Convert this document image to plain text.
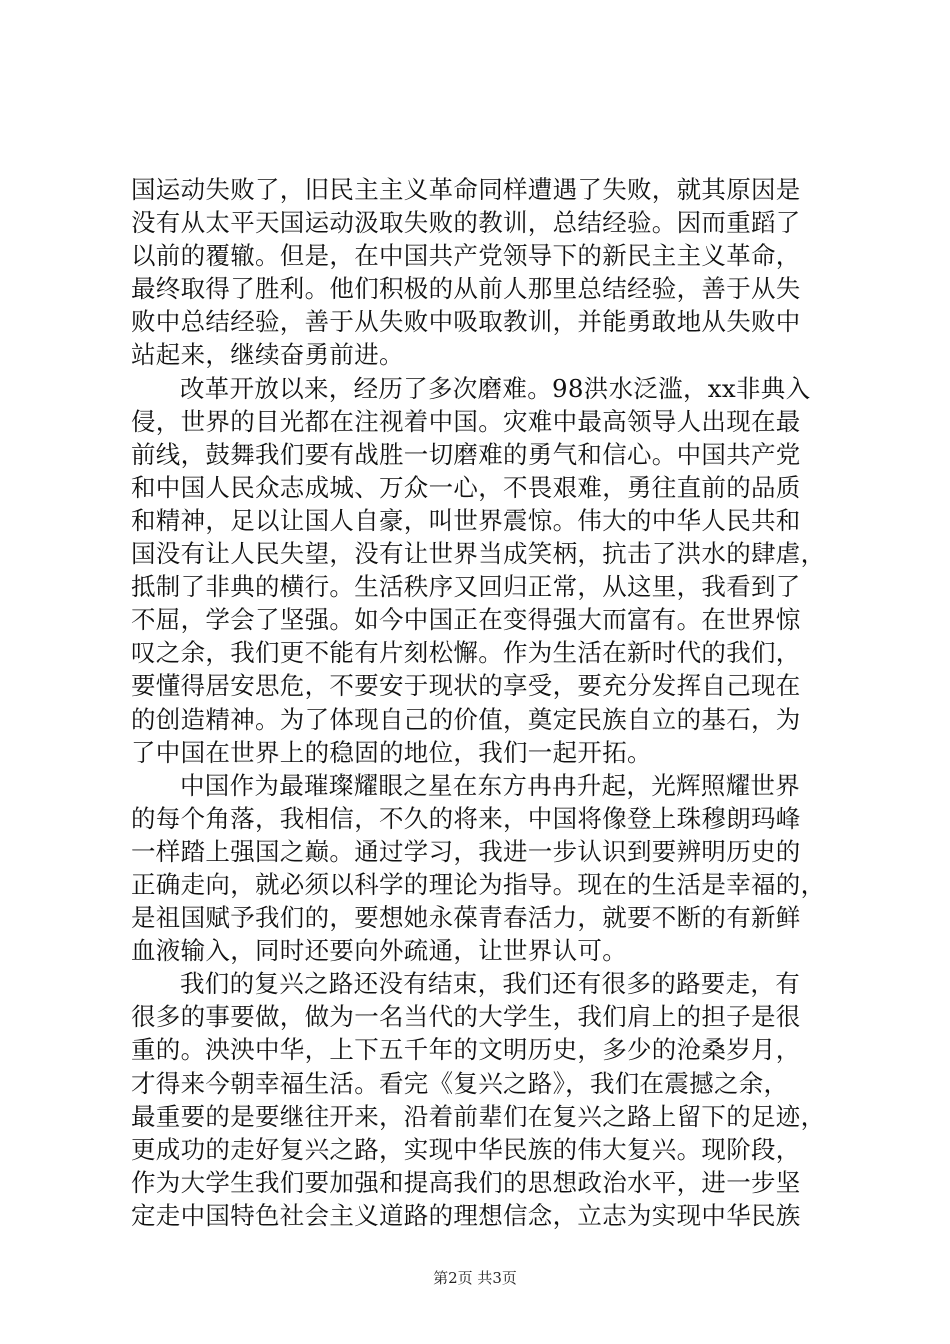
国运动失败了，旧民主主义革命同样遭遇了失败，就其原因是
没有从太平天国运动汲取失败的教训，总结经验。因而重蹈了
以前的覆辙。但是，在中国共产党领导下的新民主主义革命，
最终取得了胜利。他们积极的从前人那里总结经验，善于从失
败中总结经验，善于从失败中吸取教训，并能勇敢地从失败中
站起来，继续奋勇前进。
改革开放以来，经历了多次磨难。98洪水泛滥，xx非典入
侵，世界的目光都在注视着中国。灾难中最高领导人出现在最
前线，鼓舞我们要有战胜一切磨难的勇气和信心。中国共产党
和中国人民众志成城、万众一心，不畏艰难，勇往直前的品质
和精神，足以让国人自豪，叫世界震惊。伟大的中华人民共和
国没有让人民失望，没有让世界当成笑柄，抗击了洪水的肆虐，
抵制了非典的横行。生活秩序又回归正常，从这里，我看到了
不屈，学会了坚强。如今中国正在变得强大而富有。在世界惊
叹之余，我们更不能有片刻松懈。作为生活在新时代的我们，
要懂得居安思危，不要安于现状的享受，要充分发挥自己现在
的创造精神。为了体现自己的价值，奠定民族自立的基石，为
了中国在世界上的稳固的地位，我们一起开拓。
中国作为最璀璨耀眼之星在东方冉冉升起，光辉照耀世界
的每个角落，我相信，不久的将来，中国将像登上珠穆朗玛峰
一样踏上强国之巅。通过学习，我进一步认识到要辨明历史的
正确走向，就必须以科学的理论为指导。现在的生活是幸福的，
是祖国赋予我们的，要想她永葆青春活力，就要不断的有新鲜
血液输入，同时还要向外疏通，让世界认可。
我们的复兴之路还没有结束，我们还有很多的路要走，有
很多的事要做，做为一名当代的大学生，我们肩上的担子是很
重的。泱泱中华，上下五千年的文明历史，多少的沧桑岁月，
才得来今朝幸福生活。看完《复兴之路》，我们在震撼之余，
最重要的是要继往开来，沿着前辈们在复兴之路上留下的足迹，
更成功的走好复兴之路，实现中华民族的伟大复兴。现阶段，
作为大学生我们要加强和提高我们的思想政治水平，进一步坚
定走中国特色社会主义道路的理想信念，立志为实现中华民族
第2页 共3页
